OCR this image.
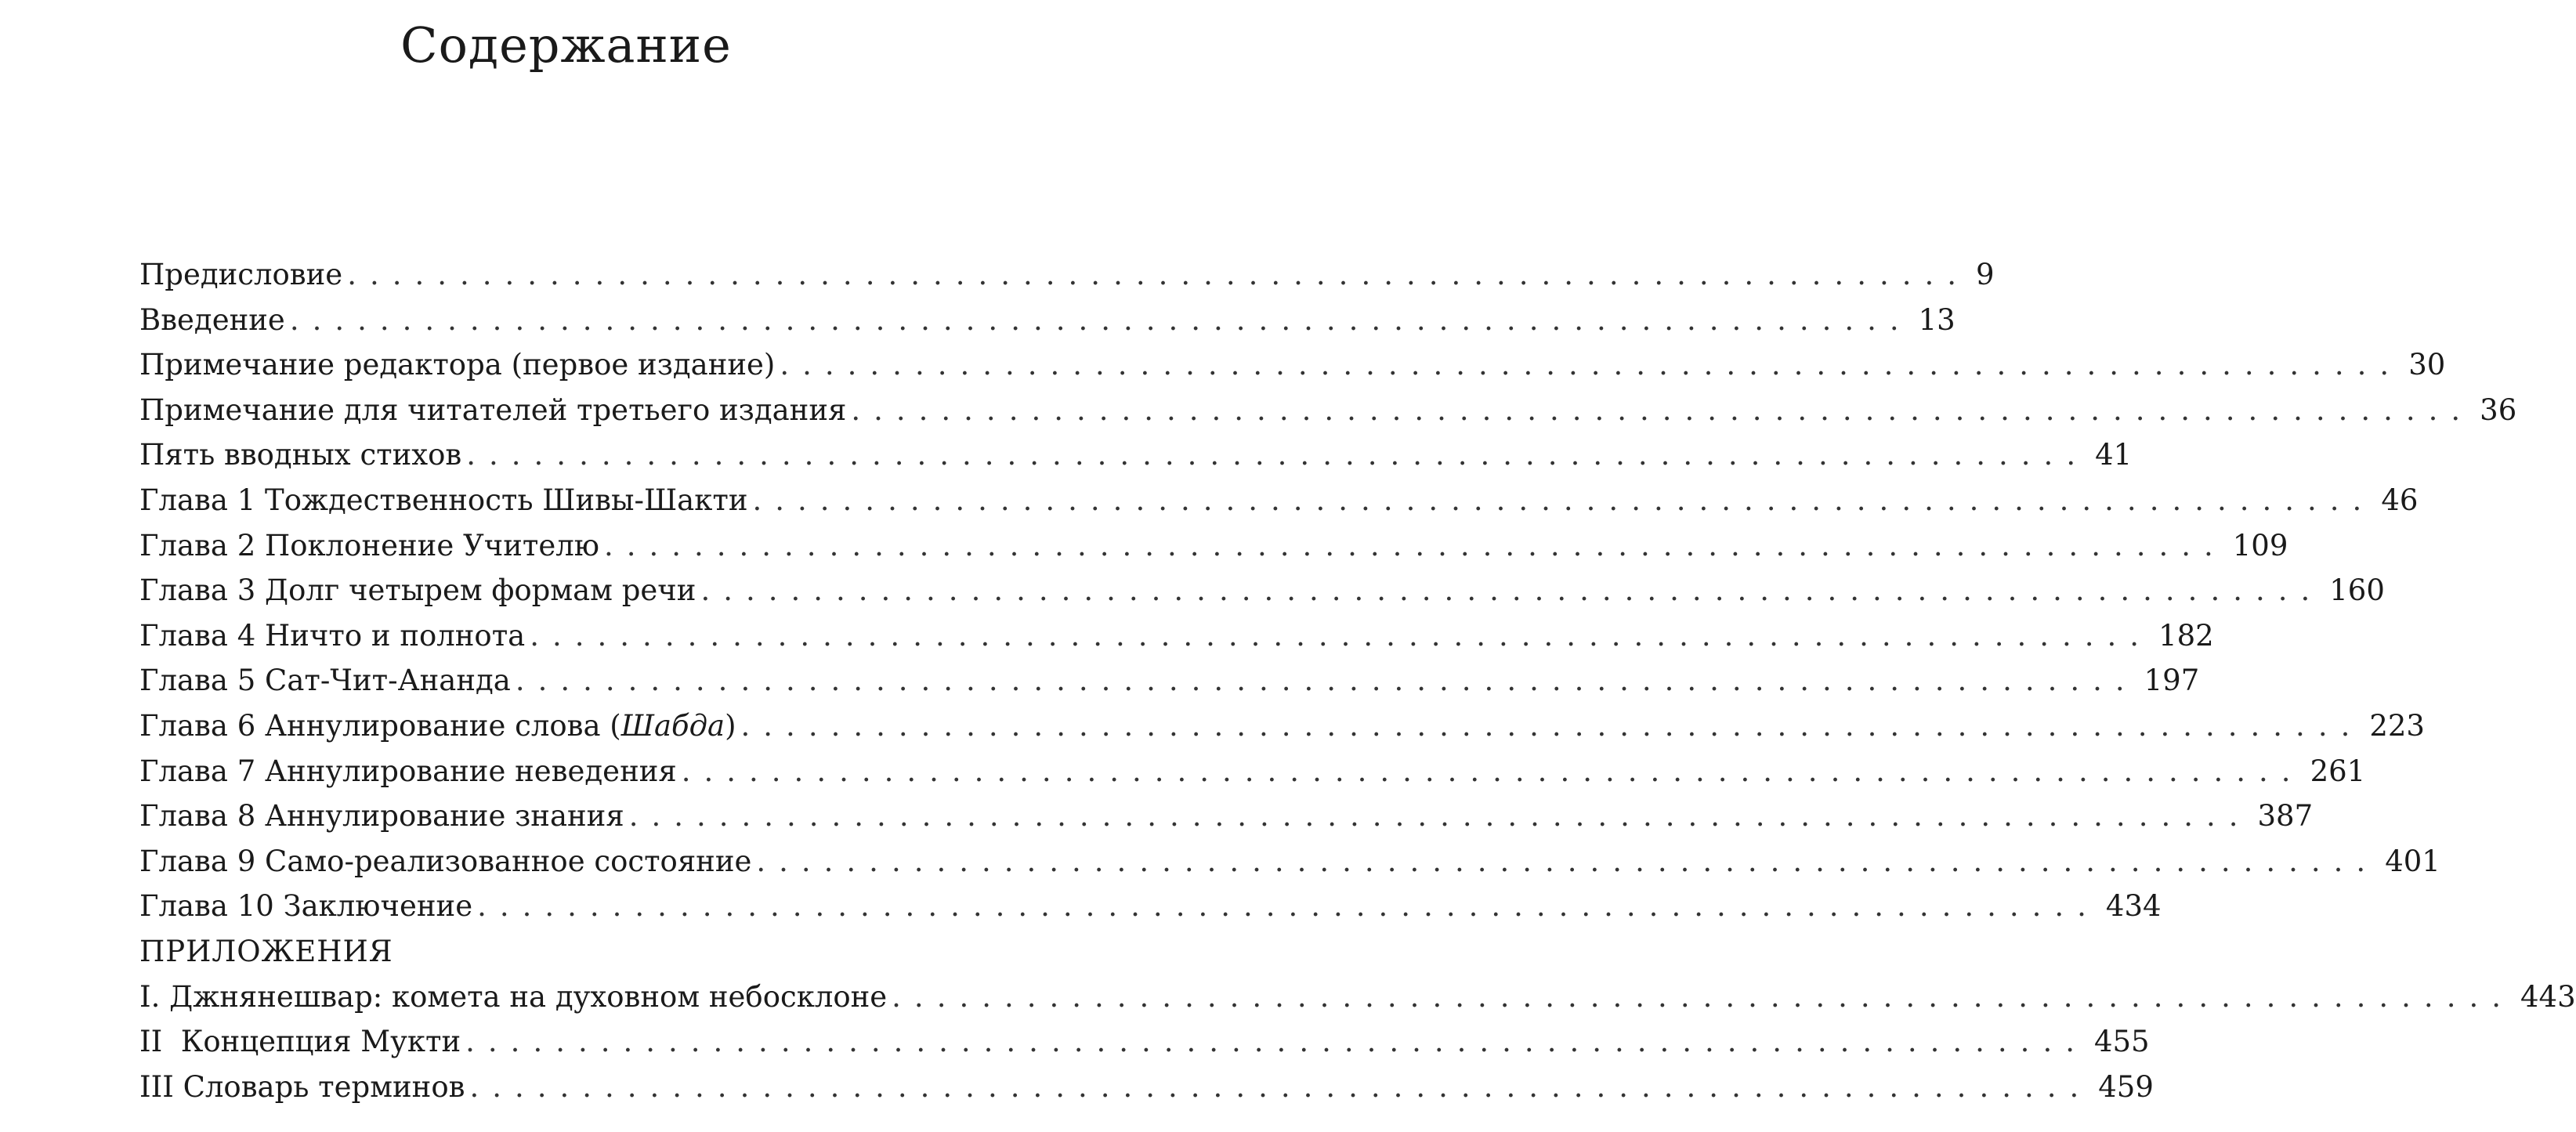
Содержание
Предисловие ........................................................................ 9
Введение ........................................................................ 13
Примечание редактора (первое издание) ........................................................................ 30
Примечание для читателей третьего издания ........................................................................ 36
Пять вводных стихов ........................................................................ 41
Глава 1 Тождественность Шивы-Шакти ........................................................................ 46
Глава 2 Поклонение Учителю ........................................................................ 109
Глава 3 Долг четырем формам речи ........................................................................ 160
Глава 4 Ничто и полнота ........................................................................ 182
Глава 5 Сат-Чит-Ананда ........................................................................ 197
Глава 6 Аннулирование слова (Шабда) ........................................................................ 223
Глава 7 Аннулирование неведения ........................................................................ 261
Глава 8 Аннулирование знания ........................................................................ 387
Глава 9 Само-реализованное состояние ........................................................................ 401
Глава 10 Заключение ........................................................................ 434
ПРИЛОЖЕНИЯ
I. Джнянешвар: комета на духовном небосклоне ........................................................................ 443
II  Концепция Мукти ........................................................................ 455
III Словарь терминов ........................................................................ 459
